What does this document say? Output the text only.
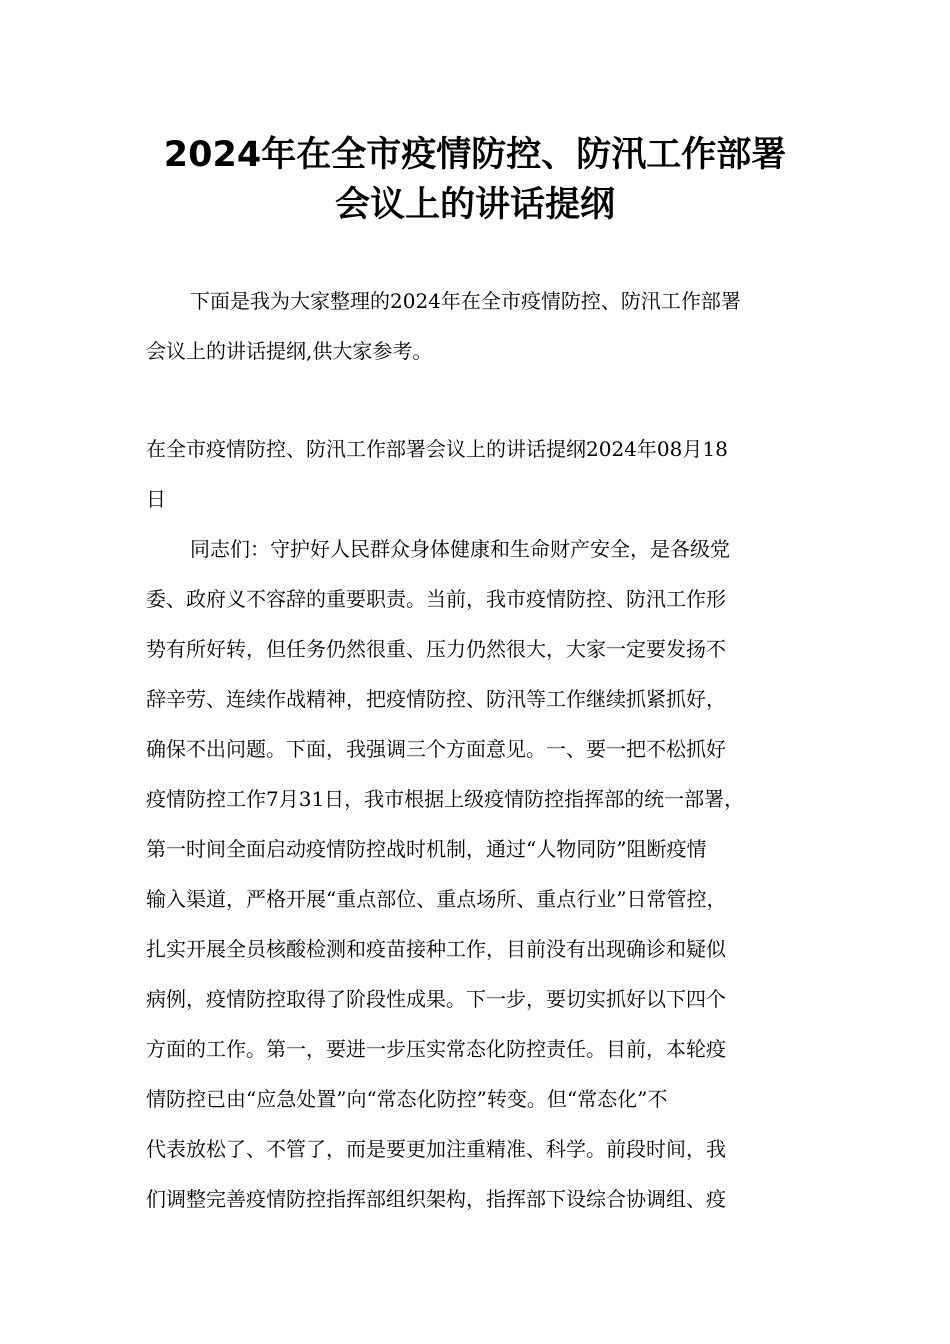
2024年在全市疫情防控、防汛工作部署
会议上的讲话提纲

下面是我为大家整理的2024年在全市疫情防控、防汛工作部署

会议上的讲话提纲,供大家参考。

在全市疫情防控、防汛工作部署会议上的讲话提纲2024年08月18

日

同志们：守护好人民群众身体健康和生命财产安全，是各级党

委、政府义不容辞的重要职责。当前，我市疫情防控、防汛工作形

势有所好转，但任务仍然很重、压力仍然很大，大家一定要发扬不

辞辛劳、连续作战精神，把疫情防控、防汛等工作继续抓紧抓好，

确保不出问题。下面，我强调三个方面意见。一、要一把不松抓好

疫情防控工作7月31日，我市根据上级疫情防控指挥部的统一部署，

第一时间全面启动疫情防控战时机制，通过“人物同防”阻断疫情

输入渠道，严格开展“重点部位、重点场所、重点行业”日常管控，

扎实开展全员核酸检测和疫苗接种工作，目前没有出现确诊和疑似

病例，疫情防控取得了阶段性成果。下一步，要切实抓好以下四个

方面的工作。第一，要进一步压实常态化防控责任。目前，本轮疫

情防控已由“应急处置”向“常态化防控”转变。但“常态化”不

代表放松了、不管了，而是要更加注重精准、科学。前段时间，我

们调整完善疫情防控指挥部组织架构，指挥部下设综合协调组、疫
